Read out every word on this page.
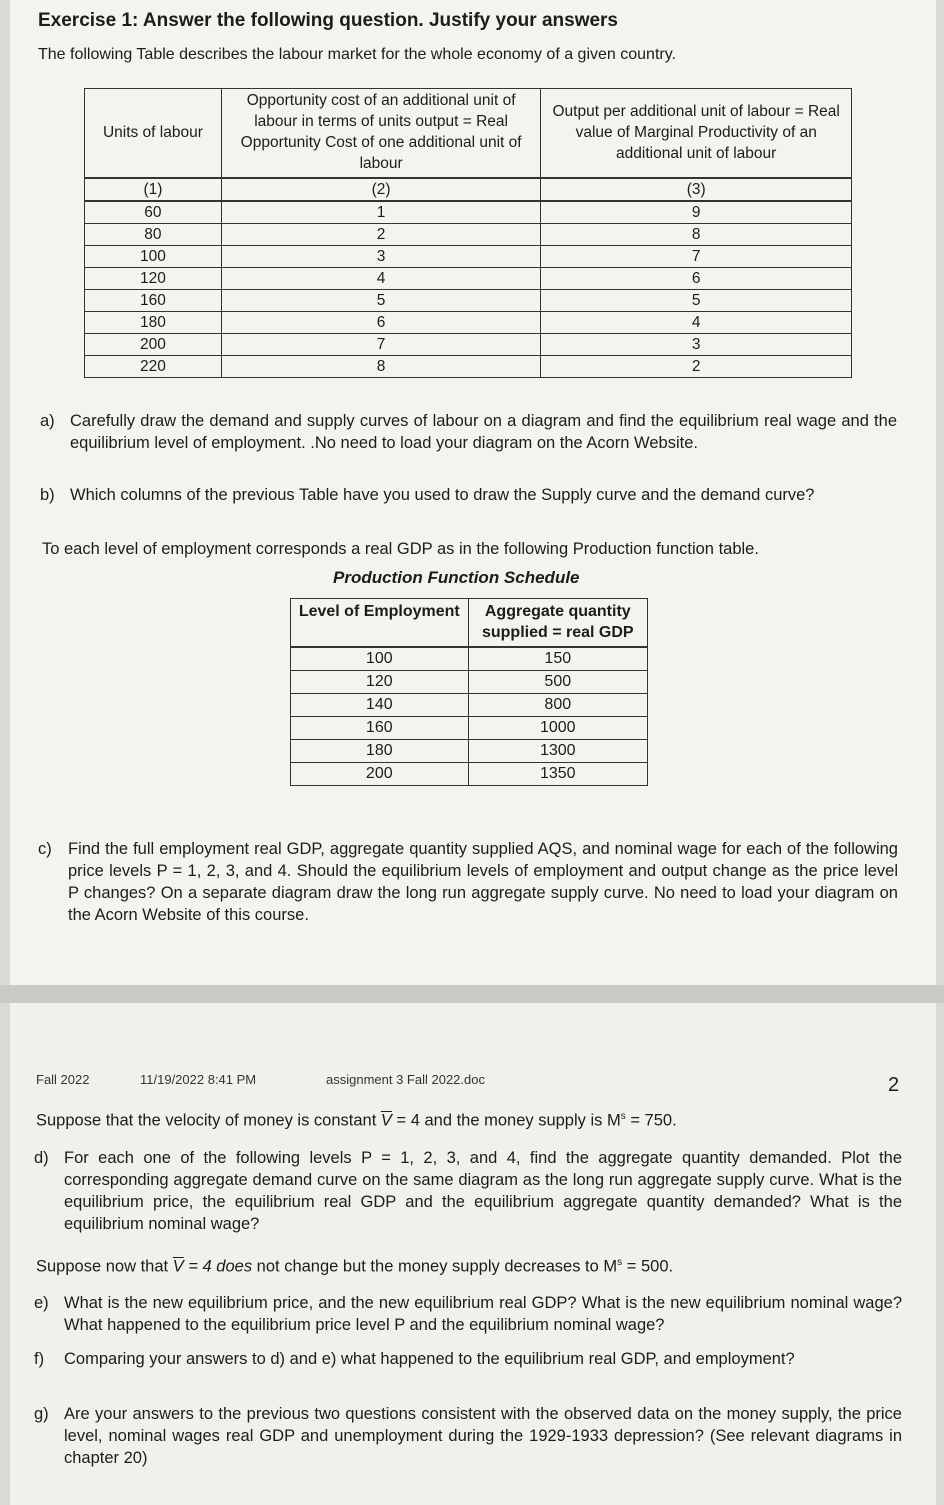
Exercise 1: Answer the following question. Justify your answers
The following Table describes the labour market for the whole economy of a given country.
Units of labour	Opportunity cost of an additional unit of labour in terms of units output = Real Opportunity Cost of one additional unit of labour	Output per additional unit of labour = Real value of Marginal Productivity of an additional unit of labour
(1)	(2)	(3)
60	1	9
80	2	8
100	3	7
120	4	6
160	5	5
180	6	4
200	7	3
220	8	2
a) Carefully draw the demand and supply curves of labour on a diagram and find the equilibrium real wage and the equilibrium level of employment. .No need to load your diagram on the Acorn Website.
b) Which columns of the previous Table have you used to draw the Supply curve and the demand curve?
To each level of employment corresponds a real GDP as in the following Production function table.
Production Function Schedule
Level of Employment	Aggregate quantity supplied = real GDP
100	150
120	500
140	800
160	1000
180	1300
200	1350
c) Find the full employment real GDP, aggregate quantity supplied AQS, and nominal wage for each of the following price levels P = 1, 2, 3, and 4. Should the equilibrium levels of employment and output change as the price level P changes? On a separate diagram draw the long run aggregate supply curve. No need to load your diagram on the Acorn Website of this course.
Fall 2022	11/19/2022 8:41 PM	assignment 3 Fall 2022.doc	2
Suppose that the velocity of money is constant $\overline{V} = 4$ and the money supply is $M^s = 750$.
d) For each one of the following levels P = 1, 2, 3, and 4, find the aggregate quantity demanded. Plot the corresponding aggregate demand curve on the same diagram as the long run aggregate supply curve. What is the equilibrium price, the equilibrium real GDP and the equilibrium aggregate quantity demanded? What is the equilibrium nominal wage?
Suppose now that $\overline{V} = 4$ does not change but the money supply decreases to $M^s = 500$.
e) What is the new equilibrium price, and the new equilibrium real GDP? What is the new equilibrium nominal wage? What happened to the equilibrium price level P and the equilibrium nominal wage?
f) Comparing your answers to d) and e) what happened to the equilibrium real GDP, and employment?
g) Are your answers to the previous two questions consistent with the observed data on the money supply, the price level, nominal wages real GDP and unemployment during the 1929-1933 depression? (See relevant diagrams in chapter 20)
